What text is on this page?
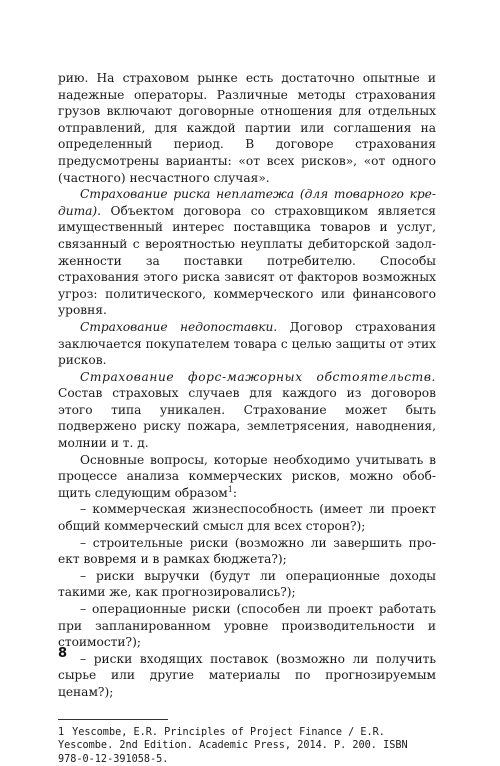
рию. На страховом рынке есть достаточно опытные и надежные операторы. Различные методы страхования грузов включают договорные отношения для отдельных отправлений, для каждой партии или соглашения на определенный период. В договоре страхования предусмотрены варианты: «от всех рисков», «от одного (частного) несчастного случая».

Страхование риска неплатежа (для товарного кредита). Объектом договора со страховщиком является имущественный интерес поставщика товаров и услуг, связанный с вероятностью неуплаты дебиторской задолженности за поставки потребителю. Способы страхования этого риска зависят от факторов возможных угроз: политического, коммерческого или финансового уровня.

Страхование недопоставки. Договор страхования заключается покупателем товара с целью защиты от этих рисков.

Страхование форс-мажорных обстоятельств. Состав страховых случаев для каждого из договоров этого типа уникален. Страхование может быть подвержено риску пожара, землетрясения, наводнения, молнии и т. д.

Основные вопросы, которые необходимо учитывать в процессе анализа коммерческих рисков, можно обобщить следующим образом$^1$:

– коммерческая жизнеспособность (имеет ли проект общий коммерческий смысл для всех сторон?);

– строительные риски (возможно ли завершить проект вовремя и в рамках бюджета?);

– риски выручки (будут ли операционные доходы такими же, как прогнозировались?);

– операционные риски (способен ли проект работать при запланированном уровне производительности и стоимости?);

– риски входящих поставок (возможно ли получить сырье или другие материалы по прогнозируемым ценам?);

1 Yescombe, E.R. Principles of Project Finance / E.R. Yescombe. 2nd Edition. Academic Press, 2014. P. 200. ISBN 978-0-12-391058-5.
8
